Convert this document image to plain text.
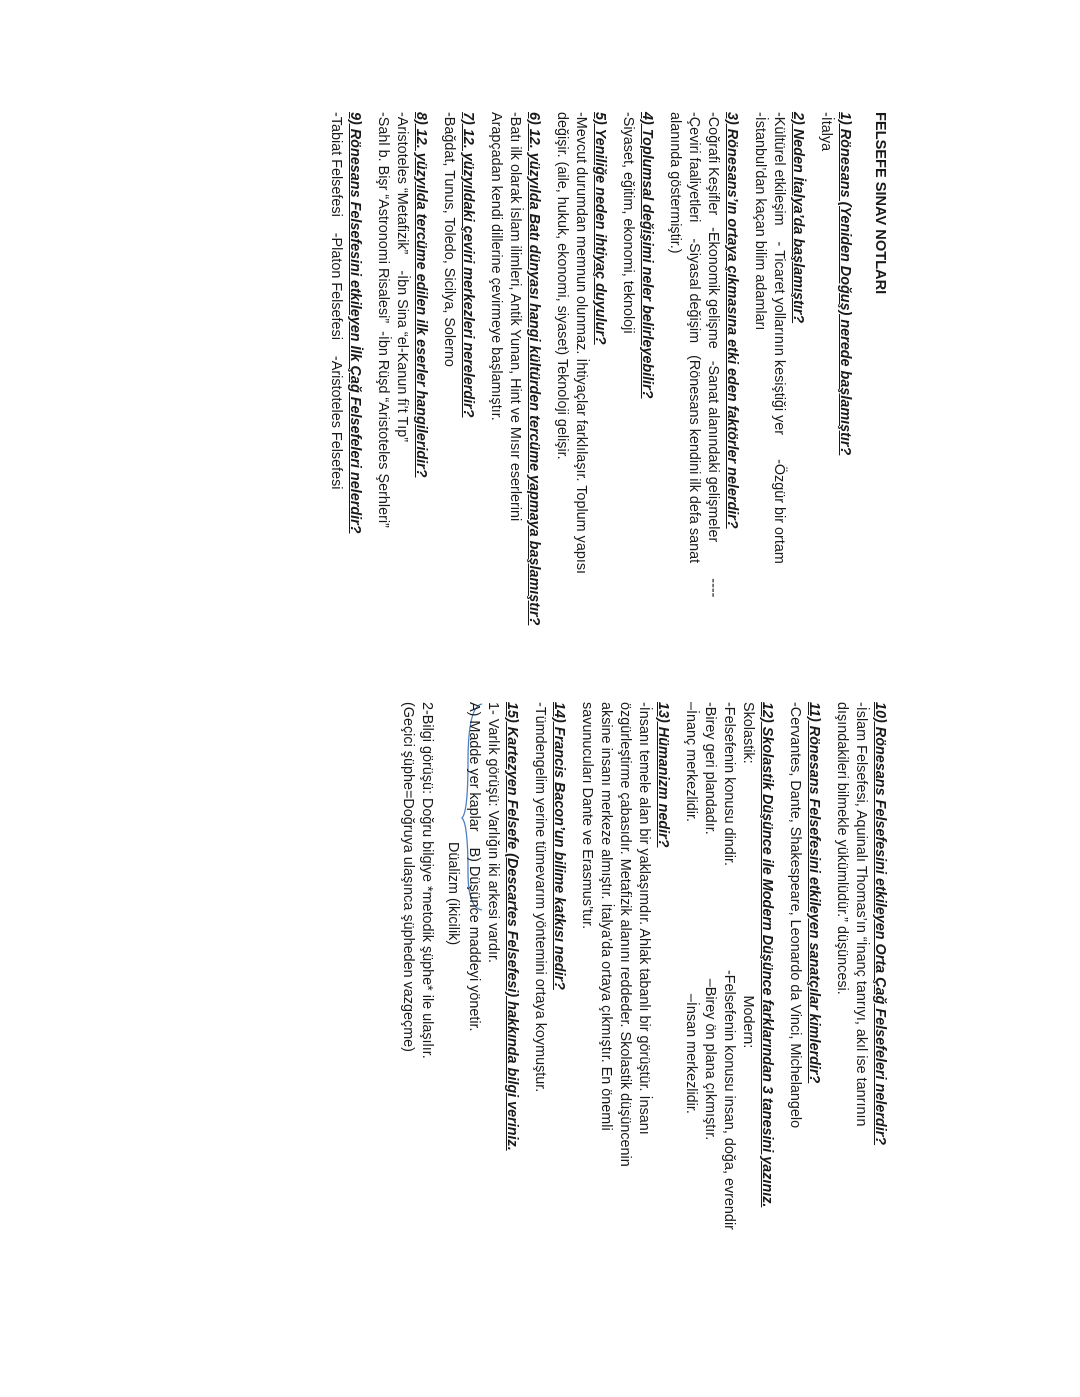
FELSEFE SINAV NOTLARI
1) Rönesans (Yeniden Doğuş) nerede başlamıştır?
-İtalya
2) Neden İtalya’da başlamıştır?
-Kültürel etkileşim    - Ticaret yollarının kesiştiği yer      -Özgür bir ortam
-İstanbul’dan kaçan bilim adamları
3) Rönesans’ın ortaya çıkmasına etki eden faktörler nelerdir?
-Coğrafi Keşifler   -Ekonomik gelişme   -Sanat alanındaki gelişmeler         ----
-Çeviri faaliyetleri    -Siyasal değişim   (Rönesans kendini ilk defa sanat
alanında göstermiştir.)
4) Toplumsal değişimi neler belirleyebilir?
-Siyaset, eğitim, ekonomi, teknoloji
5) Yeniliğe neden ihtiyaç duyulur?
-Mevcut durumdan memnun olunmaz. İhtiyaçlar farklılaşır. Toplum yapısı
değişir. (aile, hukuk, ekonomi, siyaset) Teknoloji gelişir.
6) 12. yüzyılda Batı dünyası hangi kültürden tercüme yapmaya başlamıştır?
-Batı ilk olarak İslam ilimleri, Antik Yunan, Hint ve Mısır eserlerini
Arapçadan kendi dillerine çevirmeye başlamıştır.
7) 12. yüzyıldaki çeviri merkezleri nerelerdir?
-Bağdat, Tunus, Toledo, Sicilya, Solerno
8) 12. yüzyılda tercüme edilen ilk eserler hangileridir?
-Aristoteles “Metafizik”    -İbn Sina “el-Kanun fi’t Tıp”
-Sahl b. Bişr “Astronomi Risalesi”  -İbn Rüşd “Aristoteles Şerhleri”
9) Rönesans Felsefesini etkileyen İlk Çağ Felsefeleri nelerdir?
-Tabiat Felsefesi    -Platon Felsefesi    -Aristoteles Felsefesi
Düalizm (ikicilik)	10) Rönesans Felsefesini etkileyen Orta Çağ Felsefeleri nelerdir?
-İslam Felsefesi, Aquinalı Thomas’ın “İnanç tanrıyı, akıl ise tanrının
dışındakileri bilmekle yükümlüdür.” düşüncesi.
11) Rönesans Felsefesini etkileyen sanatçılar kimlerdir?
-Cervantes, Dante, Shakespeare, Leonardo da Vinci, Michelangelo
12) Skolastik Düşünce ile Modern Düşünce farklarından 3 tanesini yazınız.
Skolastik:                                                          Modern:
-Felsefenin konusu dindir.                          -Felsefenin konusu insan, doğa, evrendir
-Birey geri plandadır.                                    –Birey ön plana çıkmıştır.
–İnanç merkezlidir.                                           –İnsan merkezlidir.
13) Hümanizm nedir?
-İnsanı temele alan bir yaklaşımdır. Ahlak tabanlı bir görüştür. İnsanı
özgürleştirme çabasıdır. Metafizik alanını reddeder. Skolastik düşüncenin
aksine insanı merkeze almıştır. İtalya’da ortaya çıkmıştır. En önemli
savunucuları Dante ve Erasmus’tur.
14) Francis Bacon’un bilime katkısı nedir?
-Tümdengelim yerine tümevarım yöntemini ortaya koymuştur.
15) Kartezyen Felsefe (Descartes Felsefesi) hakkında bilgi veriniz.
1- Varlık görüşü: Varlığın iki arkesi vardır.
A) Madde yer kaplar    B) Düşünce maddeyi yönetir.
2-Bilgi görüşü: Doğru bilgiye *metodik şüphe* ile ulaşılır.
(Geçici şüphe=Doğruya ulaşınca şüpheden vazgeçme)
